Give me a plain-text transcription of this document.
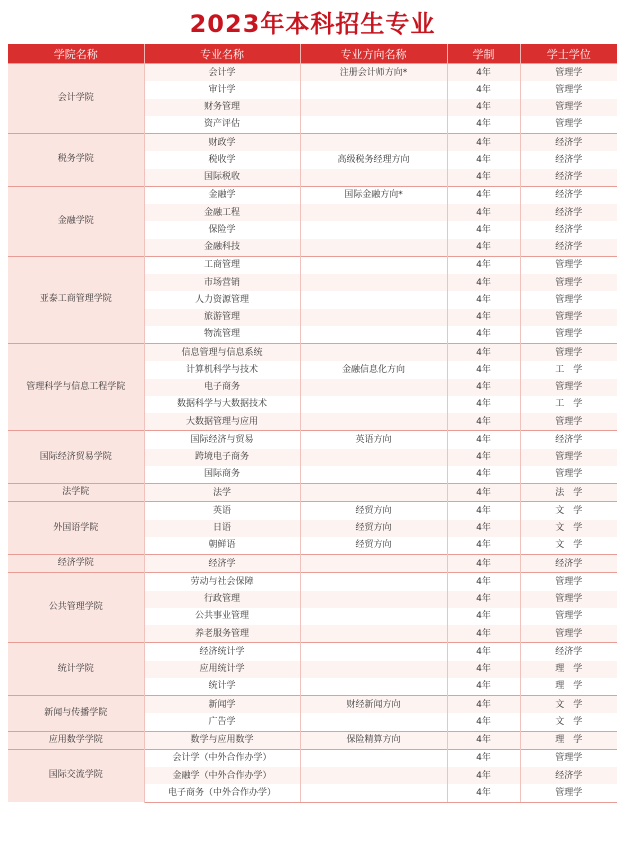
2023年本科招生专业
学院名称	专业名称	专业方向名称	学制	学士学位
会计学院	会计学	注册会计师方向*	4年	管理学
	审计学		4年	管理学
	财务管理		4年	管理学
	资产评估		4年	管理学
税务学院	财政学		4年	经济学
	税收学	高级税务经理方向	4年	经济学
	国际税收		4年	经济学
金融学院	金融学	国际金融方向*	4年	经济学
	金融工程		4年	经济学
	保险学		4年	经济学
	金融科技		4年	经济学
亚泰工商管理学院	工商管理		4年	管理学
	市场营销		4年	管理学
	人力资源管理		4年	管理学
	旅游管理		4年	管理学
	物流管理		4年	管理学
管理科学与信息工程学院	信息管理与信息系统		4年	管理学
	计算机科学与技术	金融信息化方向	4年	工　学
	电子商务		4年	管理学
	数据科学与大数据技术		4年	工　学
	大数据管理与应用		4年	管理学
国际经济贸易学院	国际经济与贸易	英语方向	4年	经济学
	跨境电子商务		4年	管理学
	国际商务		4年	管理学
法学院	法学		4年	法　学
外国语学院	英语	经贸方向	4年	文　学
	日语	经贸方向	4年	文　学
	朝鲜语	经贸方向	4年	文　学
经济学院	经济学		4年	经济学
公共管理学院	劳动与社会保障		4年	管理学
	行政管理		4年	管理学
	公共事业管理		4年	管理学
	养老服务管理		4年	管理学
统计学院	经济统计学		4年	经济学
	应用统计学		4年	理　学
	统计学		4年	理　学
新闻与传播学院	新闻学	财经新闻方向	4年	文　学
	广告学		4年	文　学
应用数学学院	数学与应用数学	保险精算方向	4年	理　学
国际交流学院	会计学（中外合作办学）		4年	管理学
	金融学（中外合作办学）		4年	经济学
	电子商务（中外合作办学）		4年	管理学
